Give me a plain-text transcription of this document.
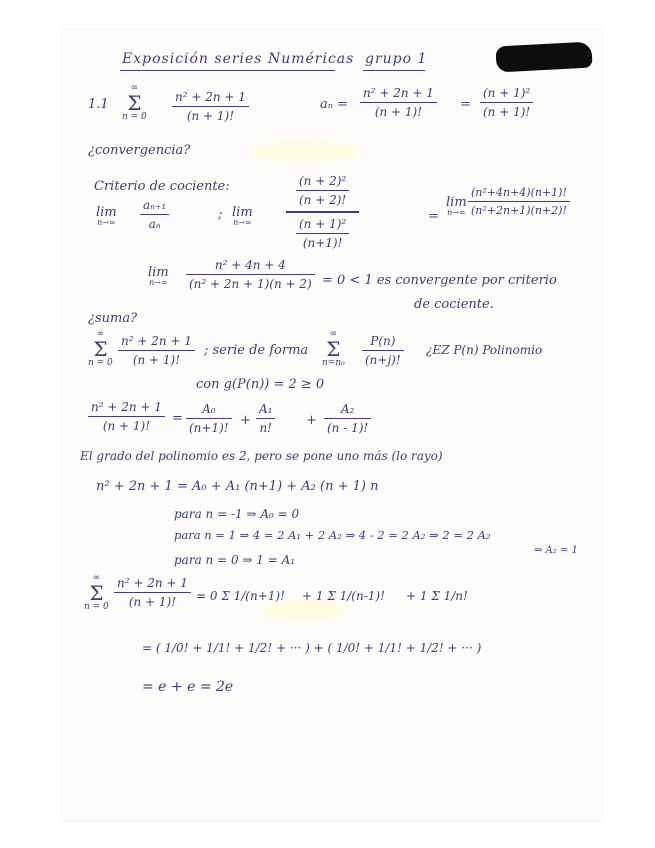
Exposición series Numéricas grupo 1
1.1
∞
Σ
n = 0
n² + 2n + 1
(n + 1)!
aₙ =
n² + 2n + 1
(n + 1)!	=
(n + 1)²
(n + 1)!
¿convergencia?
Criterio de cociente:
lim
n→∞
aₙ₊₁
aₙ
; lim
n→∞
(n + 2)²
(n + 2)!
(n + 1)²
(n+1)!
=
lim
n→∞
(n²+4n+4)(n+1)!
(n²+2n+1)(n+2)!
lim
n→∞
n² + 4n + 4
(n² + 2n + 1)(n + 2) = 0 < 1 es convergente por criterio
de cociente.
¿suma?
∞
Σ
n = 0
n² + 2n + 1
(n + 1)!
; serie de forma
∞
Σ
n=n₀
P(n)
(n+j)!
¿EZ P(n) Polinomio
con g(P(n)) = 2 ≥ 0
n² + 2n + 1
(n + 1)!	=
A₀
(n+1)! +
A₁
n!	+
A₂
(n - 1)!
El grado del polinomio es 2, pero se pone uno más (lo rayo)
n² + 2n + 1 = A₀ + A₁ (n+1) + A₂ (n + 1) n
para n = -1 ⇒ A₀ = 0
para n = 1 ⇒ 4 = 2 A₁ + 2 A₂ ⇒ 4 - 2 = 2 A₂ ⇒ 2 = 2 A₂
⇒ A₂ = 1
para n = 0 ⇒ 1 = A₁
∞
Σ
n = 0
n² + 2n + 1
(n + 1)!	= 0 Σ 1/(n+1)! + 1 Σ 1/(n-1)! + 1 Σ 1/n!
= ( 1/0! + 1/1! + 1/2! + ··· ) + ( 1/0! + 1/1! + 1/2! + ··· )
= e + e = 2e
